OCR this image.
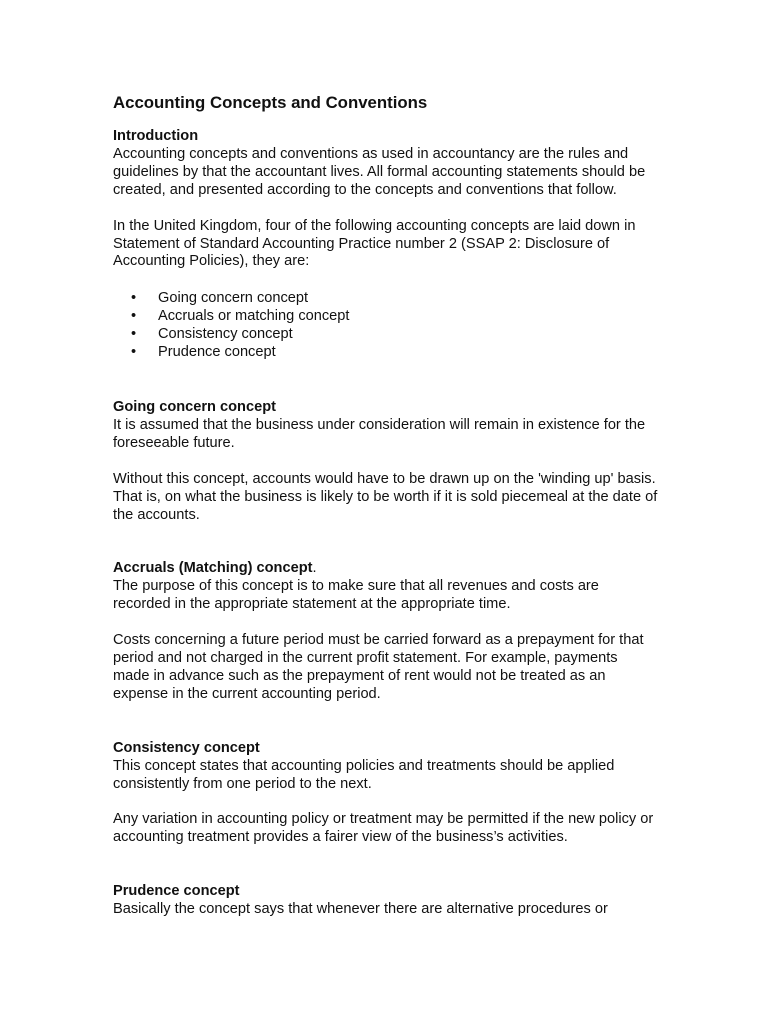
Accounting Concepts and Conventions
Introduction
Accounting concepts and conventions as used in accountancy are the rules and guidelines by that the accountant lives. All formal accounting statements should be created, and presented according to the concepts and conventions that follow.
In the United Kingdom, four of the following accounting concepts are laid down in Statement of Standard Accounting Practice number 2 (SSAP 2: Disclosure of Accounting Policies), they are:
• Going concern concept
• Accruals or matching concept
• Consistency concept
• Prudence concept
Going concern concept
It is assumed that the business under consideration will remain in existence for the foreseeable future.
Without this concept, accounts would have to be drawn up on the 'winding up' basis. That is, on what the business is likely to be worth if it is sold piecemeal at the date of the accounts.
Accruals (Matching) concept.
The purpose of this concept is to make sure that all revenues and costs are recorded in the appropriate statement at the appropriate time.
Costs concerning a future period must be carried forward as a prepayment for that period and not charged in the current profit statement. For example, payments made in advance such as the prepayment of rent would not be treated as an expense in the current accounting period.
Consistency concept
This concept states that accounting policies and treatments should be applied consistently from one period to the next.
Any variation in accounting policy or treatment may be permitted if the new policy or accounting treatment provides a fairer view of the business’s activities.
Prudence concept
Basically the concept says that whenever there are alternative procedures or
